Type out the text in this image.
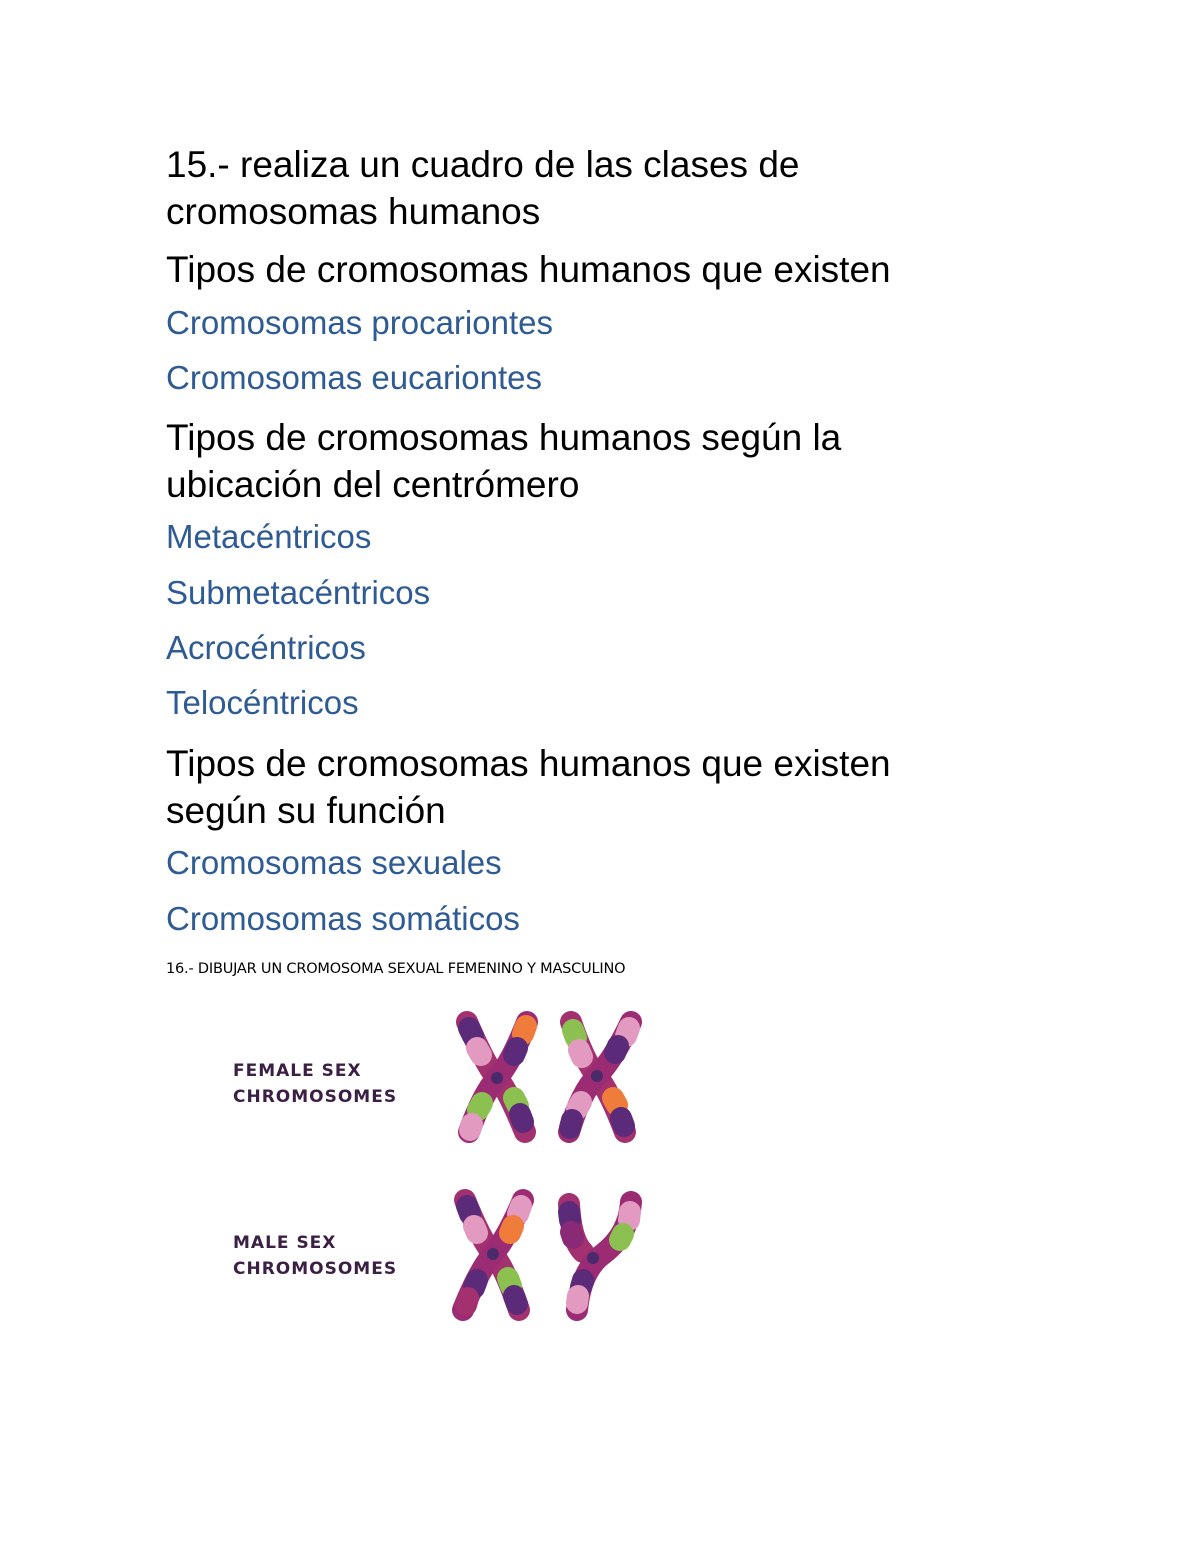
15.- realiza un cuadro de las clases de
cromosomas humanos

Tipos de cromosomas humanos que existen

Cromosomas procariontes

Cromosomas eucariontes

Tipos de cromosomas humanos según la
ubicación del centrómero

Metacéntricos

Submetacéntricos

Acrocéntricos

Telocéntricos

Tipos de cromosomas humanos que existen
según su función

Cromosomas sexuales

Cromosomas somáticos

16.- DIBUJAR UN CROMOSOMA SEXUAL FEMENINO Y MASCULINO

FEMALE SEX
CHROMOSOMES
MALE SEX
CHROMOSOMES
